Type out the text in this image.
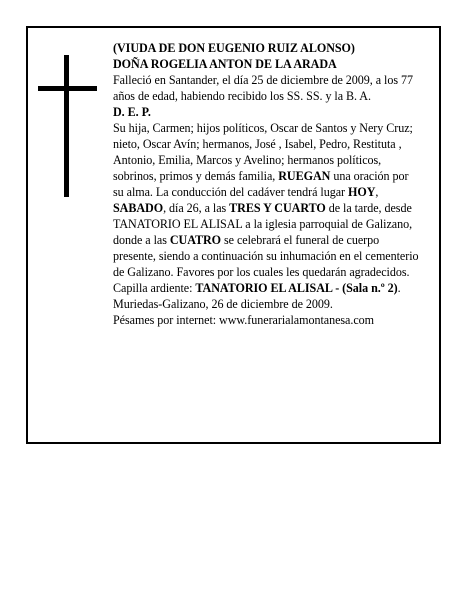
(VIUDA DE DON EUGENIO RUIZ ALONSO)

DOÑA ROGELIA ANTON DE LA ARADA

Falleció en Santander, el día 25 de diciembre de 2009, a los 77 años de edad, habiendo recibido los SS. SS. y la B. A.

D. E. P.

Su hija, Carmen; hijos políticos, Oscar de Santos y Nery Cruz; nieto, Oscar Avín; hermanos, José , Isabel, Pedro, Restituta , Antonio, Emilia, Marcos y Avelino; hermanos políticos, sobrinos, primos y demás familia, RUEGAN una oración por su alma. La conducción del cadáver tendrá lugar HOY, SABADO, día 26, a las TRES Y CUARTO de la tarde, desde TANATORIO EL ALISAL a la iglesia parroquial de Galizano, donde a las CUATRO se celebrará el funeral de cuerpo presente, siendo a continuación su inhumación en el cementerio de Galizano. Favores por los cuales les quedarán agradecidos. Capilla ardiente: TANATORIO EL ALISAL - (Sala n.º 2).

Muriedas-Galizano, 26 de diciembre de 2009.

Pésames por internet: www.funerarialamontanesa.com
